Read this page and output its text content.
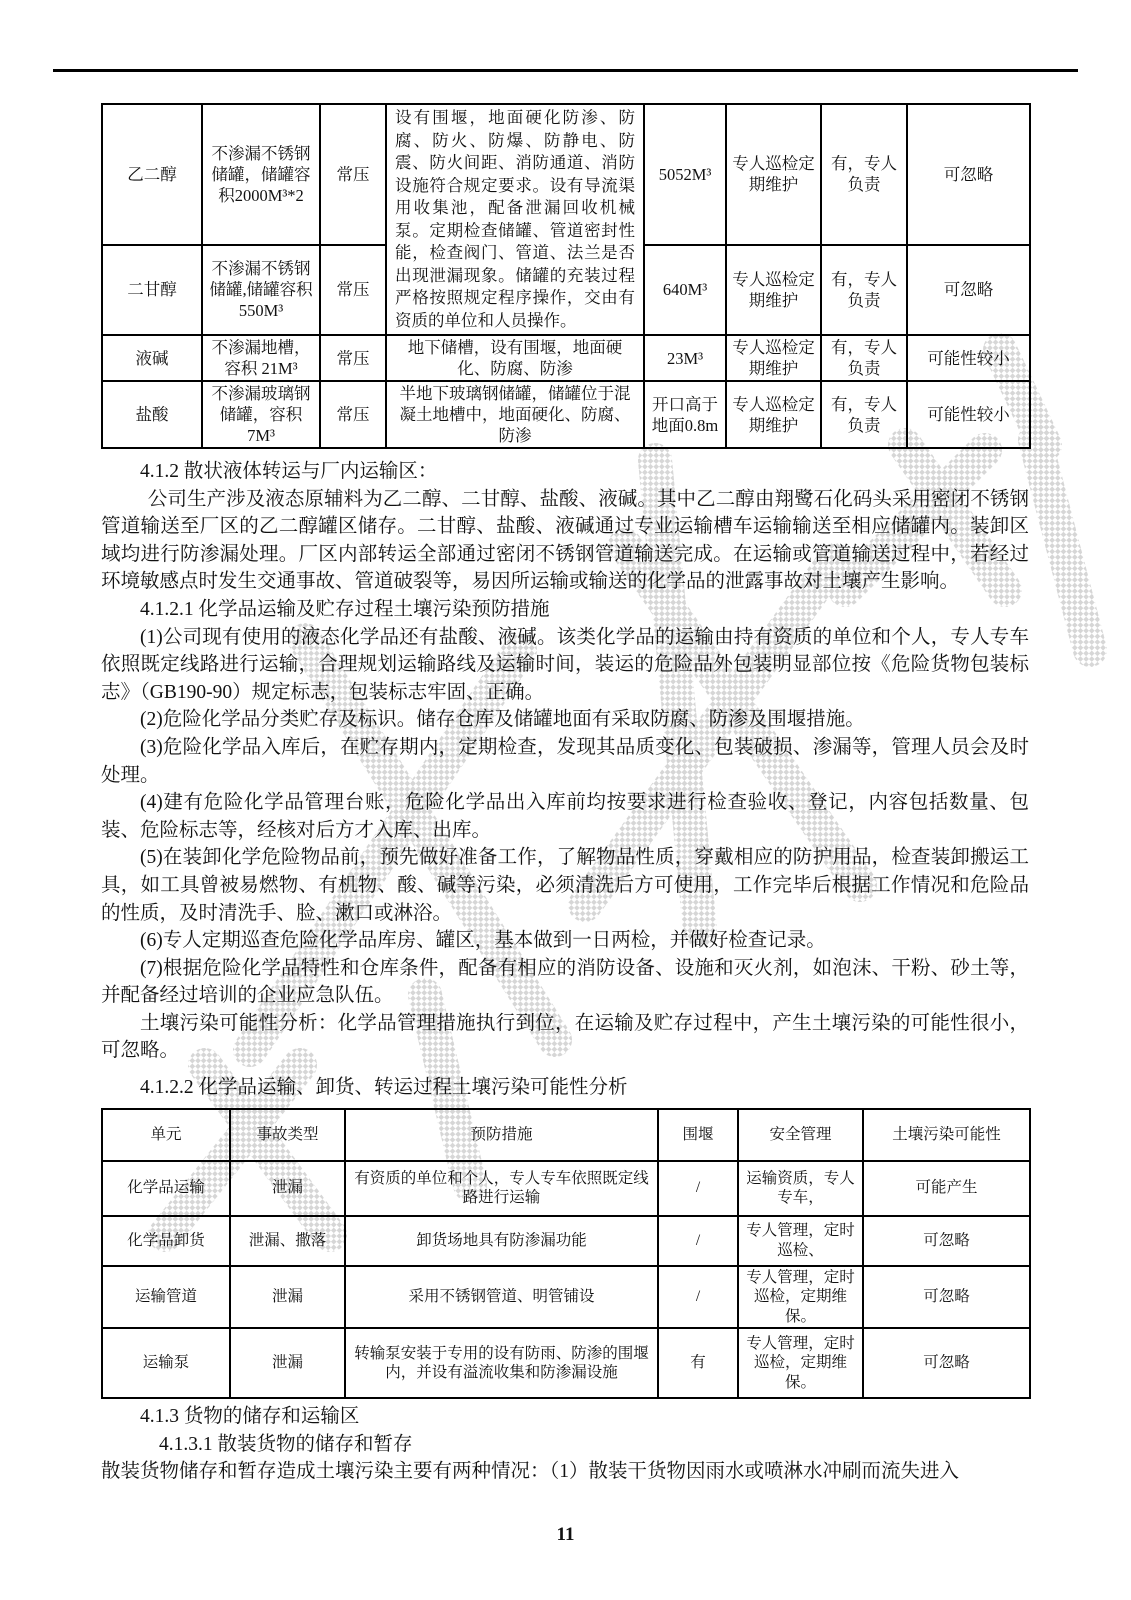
乙二醇	不渗漏不锈钢储罐，储罐容积2000M³*2	常压	设有围堰，地面硬化防渗、防腐、防火、防爆、防静电、防震、防火间距、消防通道、消防设施符合规定要求。设有导流渠用收集池，配备泄漏回收机械泵。定期检查储罐、管道密封性能，检查阀门、管道、法兰是否出现泄漏现象。储罐的充装过程严格按照规定程序操作，交由有资质的单位和人员操作。	5052M³	专人巡检定期维护	有，专人负责	可忽略
二甘醇	不渗漏不锈钢储罐,储罐容积 550M³	常压		640M³	专人巡检定期维护	有，专人负责	可忽略
液碱	不渗漏地槽，容积 21M³	常压	地下储槽，设有围堰，地面硬化、防腐、防渗	23M³	专人巡检定期维护	有，专人负责	可能性较小
盐酸	不渗漏玻璃钢储罐，容积 7M³	常压	半地下玻璃钢储罐，储罐位于混凝土地槽中，地面硬化、防腐、防渗	开口高于地面0.8m	专人巡检定期维护	有，专人负责	可能性较小
4.1.2 散状液体转运与厂内运输区：

公司生产涉及液态原辅料为乙二醇、二甘醇、盐酸、液碱。其中乙二醇由翔鹭石化码头采用密闭不锈钢管道输送至厂区的乙二醇罐区储存。二甘醇、盐酸、液碱通过专业运输槽车运输输送至相应储罐内。装卸区域均进行防渗漏处理。厂区内部转运全部通过密闭不锈钢管道输送完成。在运输或管道输送过程中，若经过环境敏感点时发生交通事故、管道破裂等，易因所运输或输送的化学品的泄露事故对土壤产生影响。

4.1.2.1 化学品运输及贮存过程土壤污染预防措施

(1)公司现有使用的液态化学品还有盐酸、液碱。该类化学品的运输由持有资质的单位和个人，专人专车依照既定线路进行运输，合理规划运输路线及运输时间，装运的危险品外包装明显部位按《危险货物包装标志》（GB190-90）规定标志，包装标志牢固、正确。

(2)危险化学品分类贮存及标识。储存仓库及储罐地面有采取防腐、防渗及围堰措施。

(3)危险化学品入库后，在贮存期内，定期检查，发现其品质变化、包装破损、渗漏等，管理人员会及时处理。

(4)建有危险化学品管理台账，危险化学品出入库前均按要求进行检查验收、登记，内容包括数量、包装、危险标志等，经核对后方才入库、出库。

(5)在装卸化学危险物品前，预先做好准备工作，了解物品性质，穿戴相应的防护用品，检查装卸搬运工具，如工具曾被易燃物、有机物、酸、碱等污染，必须清洗后方可使用，工作完毕后根据工作情况和危险品的性质，及时清洗手、脸、漱口或淋浴。

(6)专人定期巡查危险化学品库房、罐区，基本做到一日两检，并做好检查记录。

(7)根据危险化学品特性和仓库条件，配备有相应的消防设备、设施和灭火剂，如泡沫、干粉、砂土等，并配备经过培训的企业应急队伍。

土壤污染可能性分析：化学品管理措施执行到位，在运输及贮存过程中，产生土壤污染的可能性很小，可忽略。

4.1.2.2 化学品运输、卸货、转运过程土壤污染可能性分析
单元	事故类型	预防措施	围堰	安全管理	土壤污染可能性
化学品运输	泄漏	有资质的单位和个人，专人专车依照既定线路进行运输	/	运输资质，专人专车，	可能产生
化学品卸货	泄漏、撒落	卸货场地具有防渗漏功能	/	专人管理，定时巡检、	可忽略
运输管道	泄漏	采用不锈钢管道、明管铺设	/	专人管理，定时巡检，定期维保。	可忽略
运输泵	泄漏	转输泵安装于专用的设有防雨、防渗的围堰内，并设有溢流收集和防渗漏设施	有	专人管理，定时巡检，定期维保。	可忽略
4.1.3 货物的储存和运输区
4.1.3.1 散装货物的储存和暂存

散装货物储存和暂存造成土壤污染主要有两种情况：（1）散装干货物因雨水或喷淋水冲刷而流失进入

11
